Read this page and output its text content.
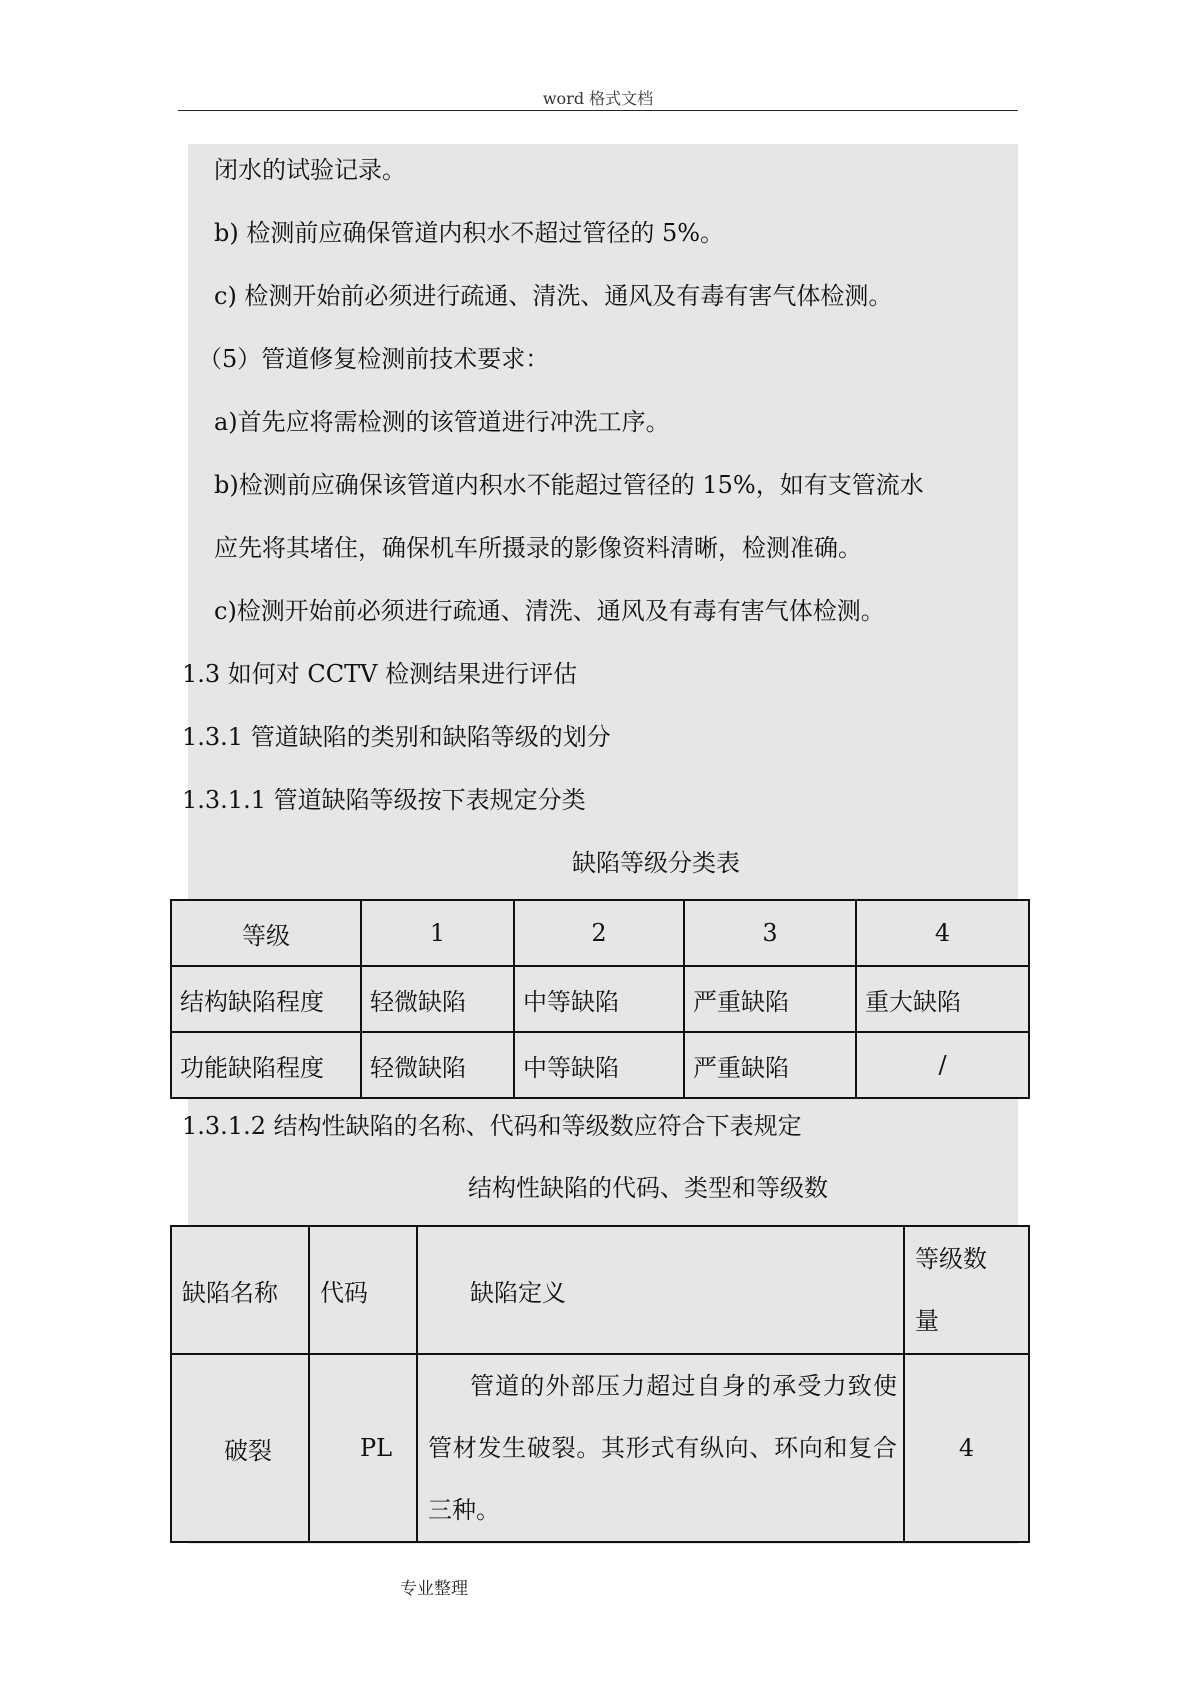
word 格式文档
闭水的试验记录。
b) 检测前应确保管道内积水不超过管径的 5%。
c) 检测开始前必须进行疏通、清洗、通风及有毒有害气体检测。
（5）管道修复检测前技术要求：
a)首先应将需检测的该管道进行冲洗工序。
b)检测前应确保该管道内积水不能超过管径的 15%，如有支管流水
应先将其堵住，确保机车所摄录的影像资料清晰，检测准确。
c)检测开始前必须进行疏通、清洗、通风及有毒有害气体检测。
1.3 如何对 CCTV 检测结果进行评估
1.3.1 管道缺陷的类别和缺陷等级的划分
1.3.1.1 管道缺陷等级按下表规定分类
缺陷等级分类表
等级	1	2	3	4
结构缺陷程度	轻微缺陷	中等缺陷	严重缺陷	重大缺陷
功能缺陷程度	轻微缺陷	中等缺陷	严重缺陷	/
1.3.1.2 结构性缺陷的名称、代码和等级数应符合下表规定
结构性缺陷的代码、类型和等级数
缺陷名称	代码	缺陷定义	等级数量
破裂	PL	管道的外部压力超过自身的承受力致使管材发生破裂。其形式有纵向、环向和复合三种。	4
专业整理
